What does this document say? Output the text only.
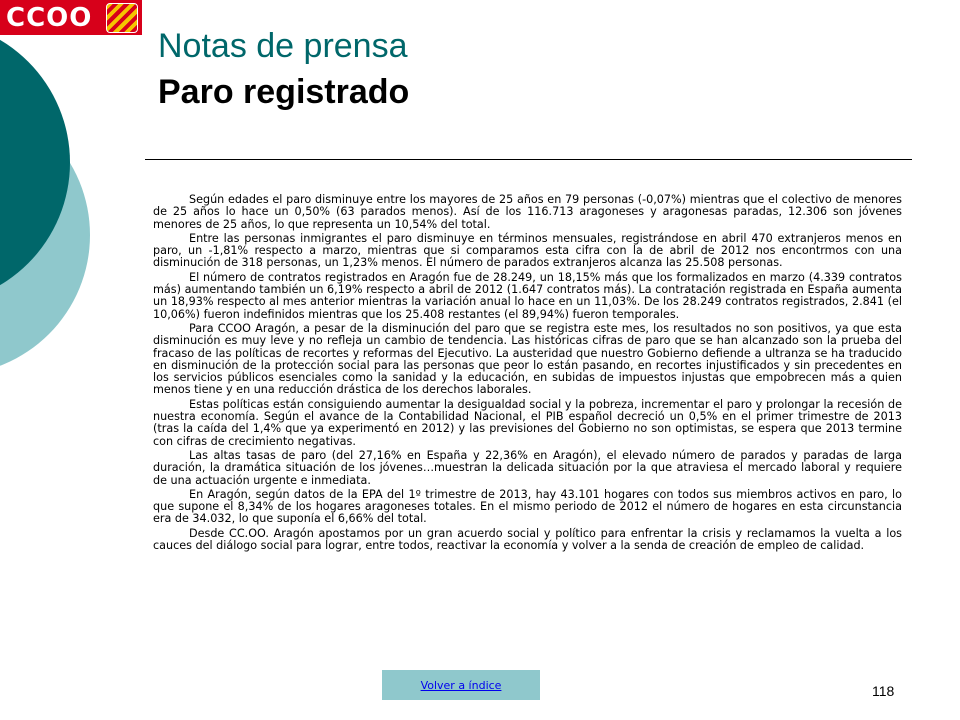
CCOO
Notas de prensa
Paro registrado

Según edades el paro disminuye entre los mayores de 25 años en 79 personas (-0,07%) mientras que el colectivo de menores de 25 años lo hace un 0,50% (63 parados menos). Así de los 116.713 aragoneses y aragonesas paradas, 12.306 son jóvenes menores de 25 años, lo que representa un 10,54% del total.

Entre las personas inmigrantes el paro disminuye en términos mensuales, registrándose en abril 470 extranjeros menos en paro, un -1,81% respecto a marzo, mientras que si comparamos esta cifra con la de abril de 2012 nos encontrmos con una disminución de 318 personas, un 1,23% menos. El número de parados extranjeros alcanza las 25.508 personas.

El número de contratos registrados en Aragón fue de 28.249, un 18,15% más que los formalizados en marzo (4.339 contratos más) aumentando también un 6,19% respecto a abril de 2012 (1.647 contratos más). La contratación registrada en España aumenta un 18,93% respecto al mes anterior mientras la variación anual lo hace en un 11,03%. De los 28.249 contratos registrados, 2.841 (el 10,06%) fueron indefinidos mientras que los 25.408 restantes (el 89,94%) fueron temporales.

Para CCOO Aragón, a pesar de la disminución del paro que se registra este mes, los resultados no son positivos, ya que esta disminución es muy leve y no refleja un cambio de tendencia. Las históricas cifras de paro que se han alcanzado son la prueba del fracaso de las políticas de recortes y reformas del Ejecutivo. La austeridad que nuestro Gobierno defiende a ultranza se ha traducido en disminución de la protección social para las personas que peor lo están pasando, en recortes injustificados y sin precedentes en los servicios públicos esenciales como la sanidad y la educación, en subidas de impuestos injustas que empobrecen más a quien menos tiene y en una reducción drástica de los derechos laborales.

Estas políticas están consiguiendo aumentar la desigualdad social y la pobreza, incrementar el paro y prolongar la recesión de nuestra economía. Según el avance de la Contabilidad Nacional, el PIB español decreció un 0,5% en el primer trimestre de 2013 (tras la caída del 1,4% que ya experimentó en 2012) y las previsiones del Gobierno no son optimistas, se espera que 2013 termine con cifras de crecimiento negativas.

Las altas tasas de paro (del 27,16% en España y 22,36% en Aragón), el elevado número de parados y paradas de larga duración, la dramática situación de los jóvenes…muestran la delicada situación por la que atraviesa el mercado laboral y requiere de una actuación urgente e inmediata.

En Aragón, según datos de la EPA del 1º trimestre de 2013, hay 43.101 hogares con todos sus miembros activos en paro, lo que supone el 8,34% de los hogares aragoneses totales. En el mismo periodo de 2012 el número de hogares en esta circunstancia era de 34.032, lo que suponía el 6,66% del total.

Desde CC.OO. Aragón apostamos por un gran acuerdo social y político para enfrentar la crisis y reclamamos la vuelta a los cauces del diálogo social para lograr, entre todos, reactivar la economía y volver a la senda de creación de empleo de calidad.

Volver a índice	118
